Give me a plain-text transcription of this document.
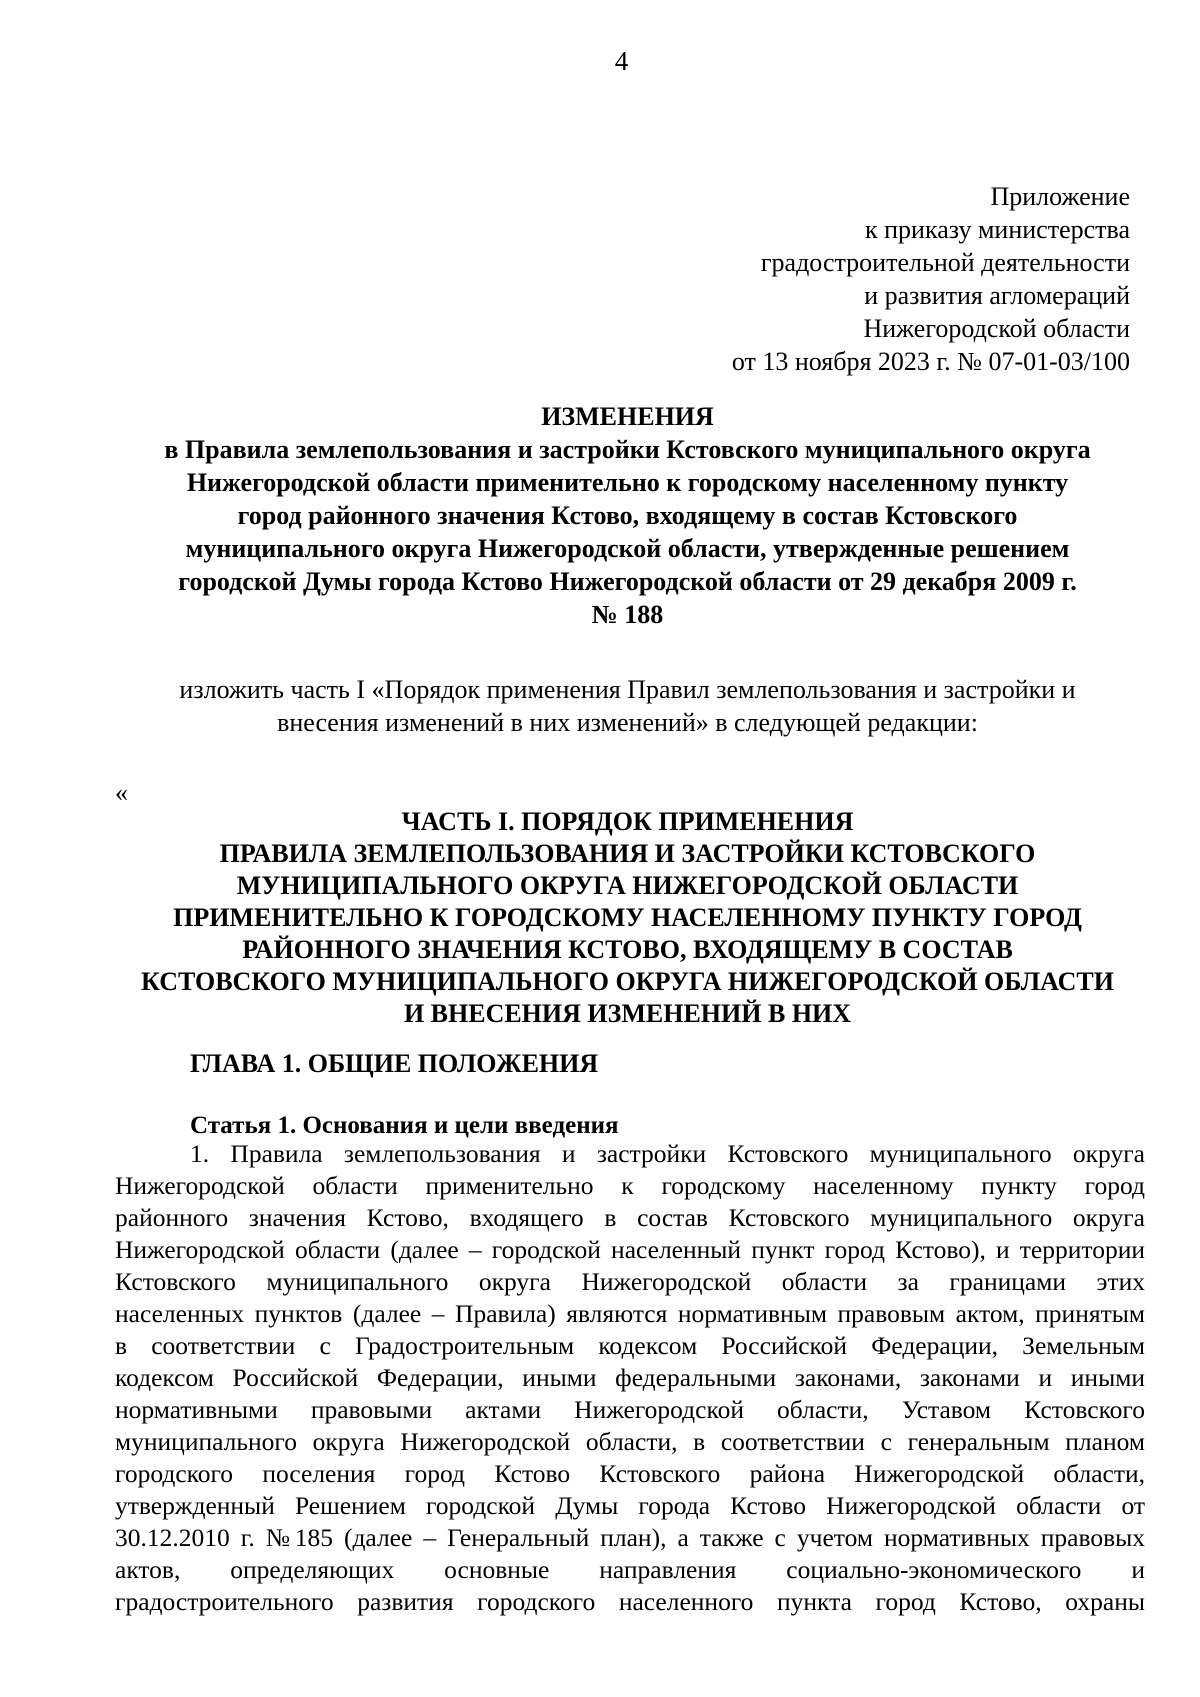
4
Приложение
к приказу министерства
градостроительной деятельности
и развития агломераций
Нижегородской области
от 13 ноября 2023 г. № 07-01-03/100
ИЗМЕНЕНИЯ
в Правила землепользования и застройки Кстовского муниципального округа
Нижегородской области применительно к городскому населенному пункту
город районного значения Кстово, входящему в состав Кстовского
муниципального округа Нижегородской области, утвержденные решением
городской Думы города Кстово Нижегородской области от 29 декабря 2009 г.
№ 188
изложить часть I «Порядок применения Правил землепользования и застройки и
внесения изменений в них изменений» в следующей редакции:
«
ЧАСТЬ I. ПОРЯДОК ПРИМЕНЕНИЯ
ПРАВИЛА ЗЕМЛЕПОЛЬЗОВАНИЯ И ЗАСТРОЙКИ КСТОВСКОГО
МУНИЦИПАЛЬНОГО ОКРУГА НИЖЕГОРОДСКОЙ ОБЛАСТИ
ПРИМЕНИТЕЛЬНО К ГОРОДСКОМУ НАСЕЛЕННОМУ ПУНКТУ ГОРОД
РАЙОННОГО ЗНАЧЕНИЯ КСТОВО, ВХОДЯЩЕМУ В СОСТАВ
КСТОВСКОГО МУНИЦИПАЛЬНОГО ОКРУГА НИЖЕГОРОДСКОЙ ОБЛАСТИ
И ВНЕСЕНИЯ ИЗМЕНЕНИЙ В НИХ
ГЛАВА 1. ОБЩИЕ ПОЛОЖЕНИЯ
Статья 1. Основания и цели введения
1. Правила землепользования и застройки Кстовского муниципального округа
Нижегородской области применительно к городскому населенному пункту город
районного значения Кстово, входящего в состав Кстовского муниципального округа
Нижегородской области (далее – городской населенный пункт город Кстово), и территории
Кстовского муниципального округа Нижегородской области за границами этих
населенных пунктов (далее – Правила) являются нормативным правовым актом, принятым
в соответствии с Градостроительным кодексом Российской Федерации, Земельным
кодексом Российской Федерации, иными федеральными законами, законами и иными
нормативными правовыми актами Нижегородской области, Уставом Кстовского
муниципального округа Нижегородской области, в соответствии с генеральным планом
городского поселения город Кстово Кстовского района Нижегородской области,
утвержденный Решением городской Думы города Кстово Нижегородской области от
30.12.2010 г. №185 (далее – Генеральный план), а также с учетом нормативных правовых
актов, определяющих основные направления социально-экономического и
градостроительного развития городского населенного пункта город Кстово, охраны
